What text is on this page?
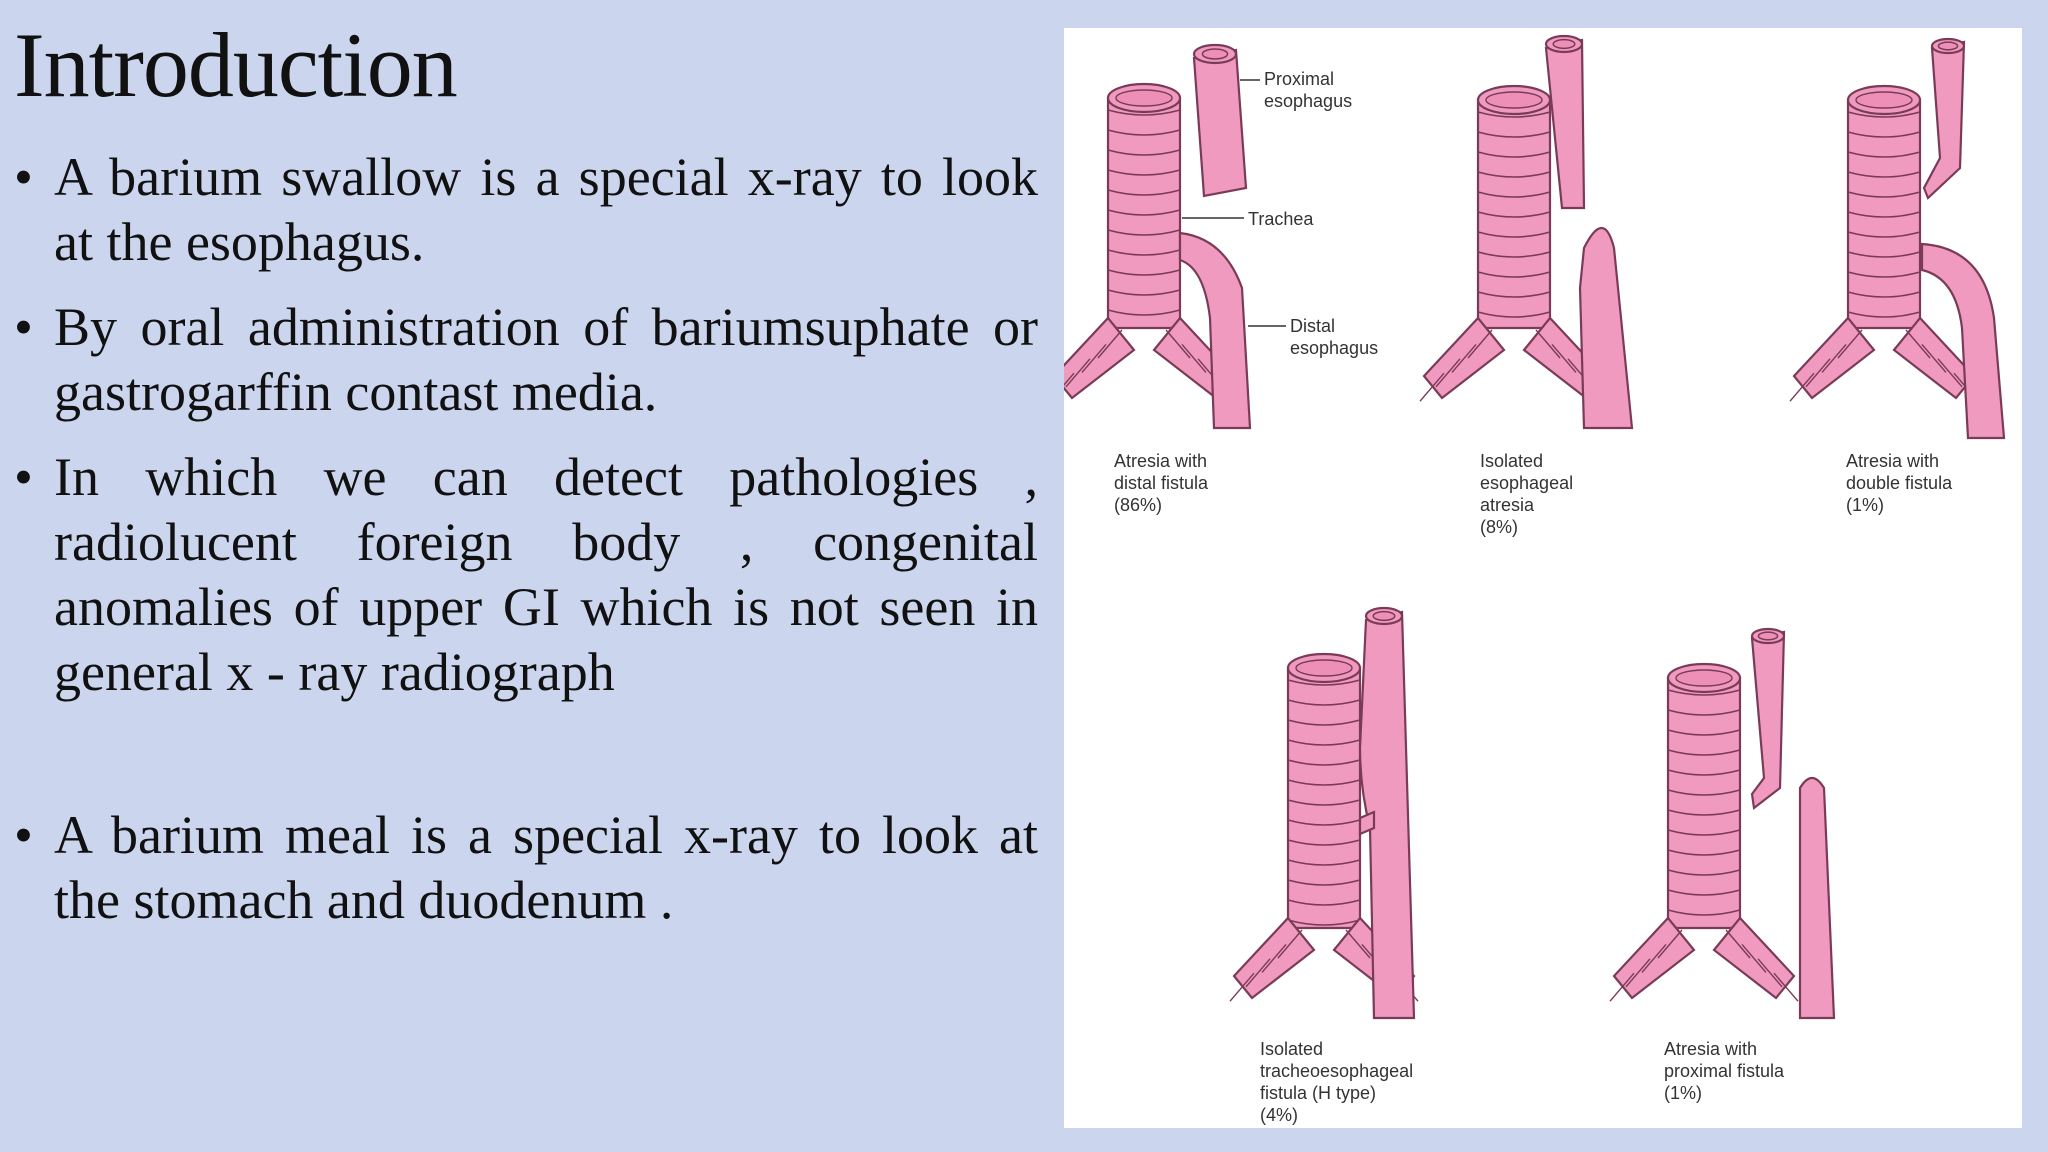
Introduction
• A barium swallow is a special x-ray to look at the esophagus.
• By oral administration of bariumsuphate or gastrogarffin contast media.
• In which we can detect pathologies , radiolucent foreign body , congenital anomalies of upper GI which is not seen in general x - ray radiograph
• A barium meal is a special x-ray to look at the stomach and duodenum .
Proximal
esophagus
Trachea
Distal
esophagus
Atresia with
distal fistula
(86%)
Isolated
esophageal
atresia
(8%)
Atresia with
double fistula
(1%)
Isolated
tracheoesophageal
fistula (H type)
(4%)
Atresia with
proximal fistula
(1%)
